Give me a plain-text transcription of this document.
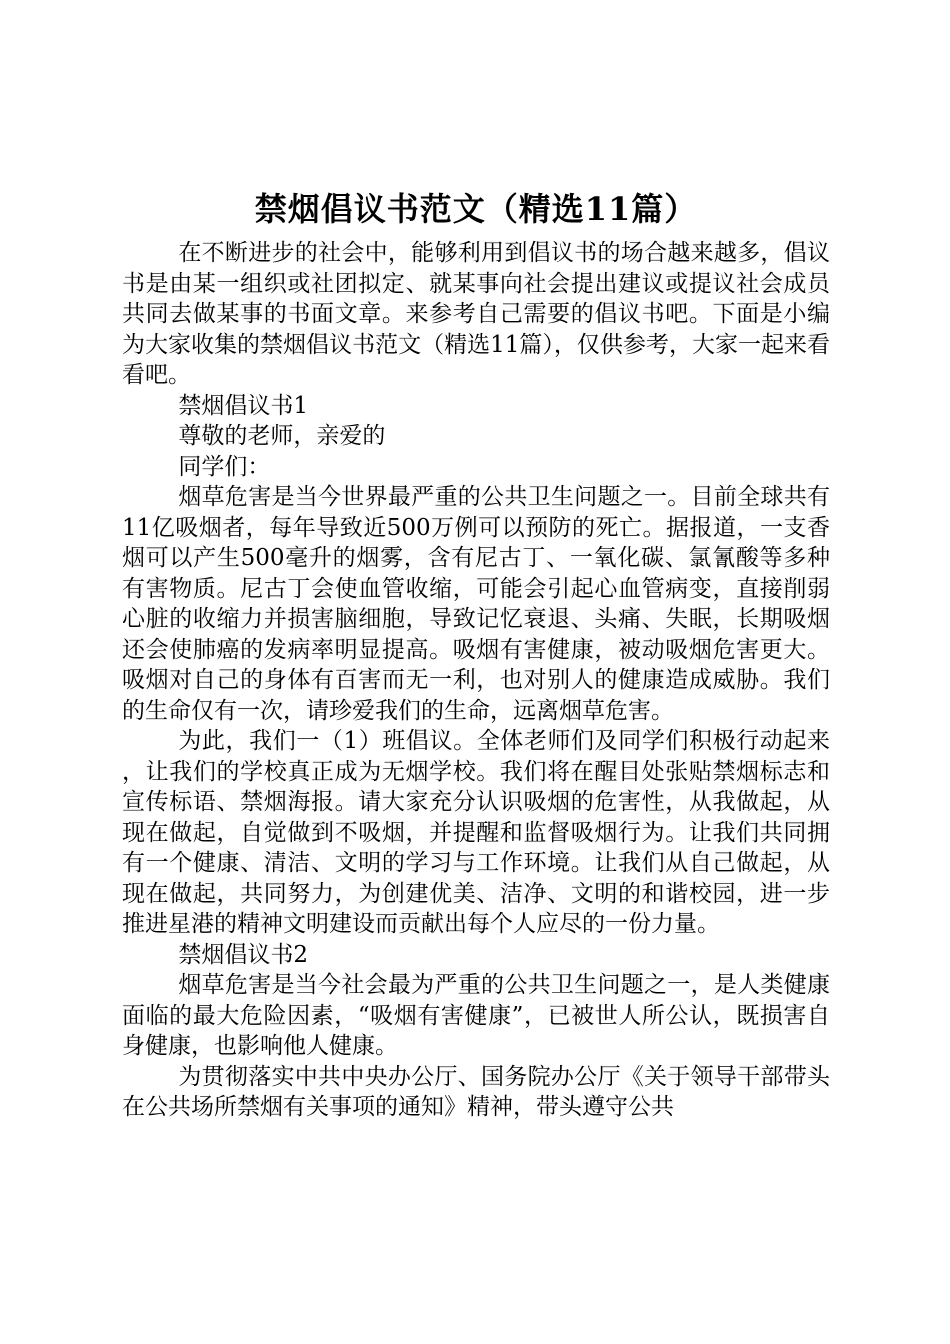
禁烟倡议书范文（精选11篇）

在不断进步的社会中，能够利用到倡议书的场合越来越多，倡议书是由某一组织或社团拟定、就某事向社会提出建议或提议社会成员共同去做某事的书面文章。来参考自己需要的倡议书吧。下面是小编为大家收集的禁烟倡议书范文（精选11篇），仅供参考，大家一起来看看吧。

禁烟倡议书1

尊敬的老师，亲爱的

同学们：

烟草危害是当今世界最严重的公共卫生问题之一。目前全球共有11亿吸烟者，每年导致近500万例可以预防的死亡。据报道，一支香烟可以产生500毫升的烟雾，含有尼古丁、一氧化碳、氯氰酸等多种有害物质。尼古丁会使血管收缩，可能会引起心血管病变，直接削弱心脏的收缩力并损害脑细胞，导致记忆衰退、头痛、失眠，长期吸烟还会使肺癌的发病率明显提高。吸烟有害健康，被动吸烟危害更大。吸烟对自己的身体有百害而无一利，也对别人的健康造成威胁。我们的生命仅有一次，请珍爱我们的生命，远离烟草危害。

为此，我们一（1）班倡议。全体老师们及同学们积极行动起来，让我们的学校真正成为无烟学校。我们将在醒目处张贴禁烟标志和宣传标语、禁烟海报。请大家充分认识吸烟的危害性，从我做起，从现在做起，自觉做到不吸烟，并提醒和监督吸烟行为。让我们共同拥有一个健康、清洁、文明的学习与工作环境。让我们从自己做起，从现在做起，共同努力，为创建优美、洁净、文明的和谐校园，进一步推进星港的精神文明建设而贡献出每个人应尽的一份力量。

禁烟倡议书2

烟草危害是当今社会最为严重的公共卫生问题之一，是人类健康面临的最大危险因素，“吸烟有害健康”，已被世人所公认，既损害自身健康，也影响他人健康。

为贯彻落实中共中央办公厅、国务院办公厅《关于领导干部带头在公共场所禁烟有关事项的通知》精神，带头遵守公共
